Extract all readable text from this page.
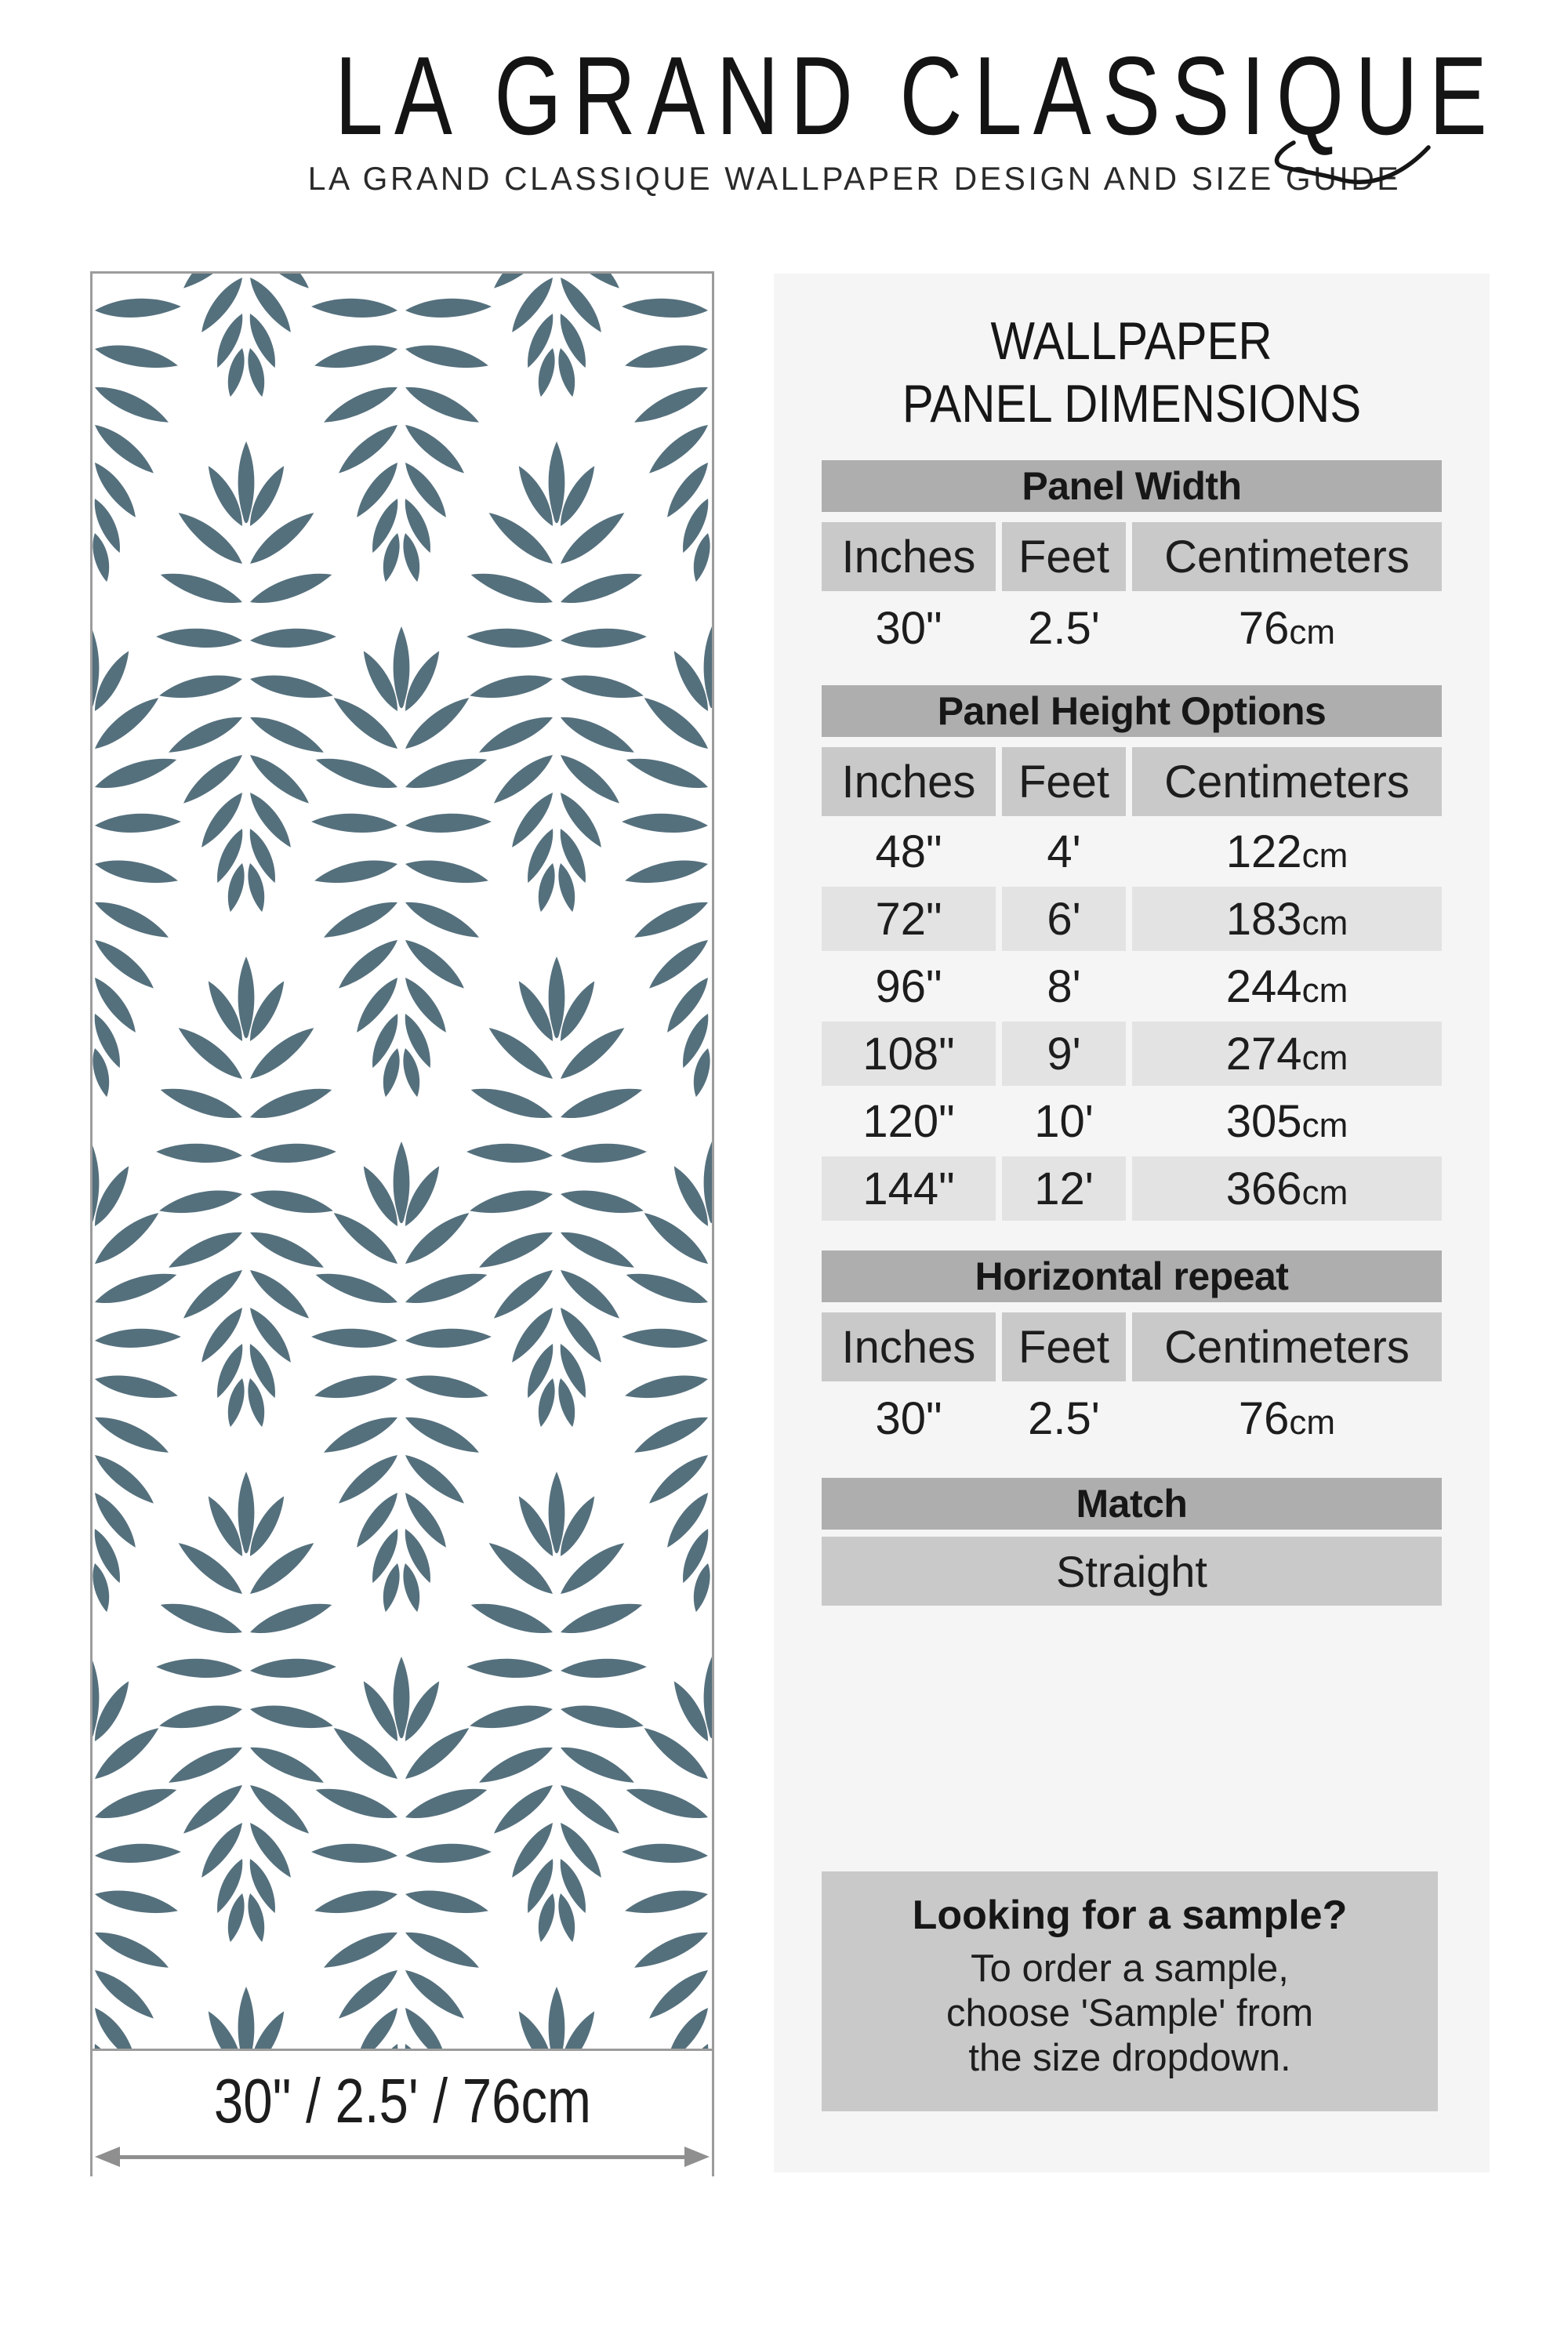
LA GRAND CLASSIQUE
LA GRAND CLASSIQUE WALLPAPER DESIGN AND SIZE GUIDE
30" / 2.5' / 76cm
WALLPAPER
PANEL DIMENSIONS
Panel Width
Inches Feet	Centimeters
30"	2.5'	76 cm
Panel Height Options
Inches Feet	Centimeters
48"	4'	122 cm
72"	6'	183 cm
96"	8'	244 cm
108"	9'	274 cm
120"	10'	305 cm
144"	12'	366 cm
Horizontal repeat
Inches Feet	Centimeters
30"	2.5'	76 cm
Match
Straight
Looking for a sample?
To order a sample,
choose 'Sample' from
the size dropdown.
